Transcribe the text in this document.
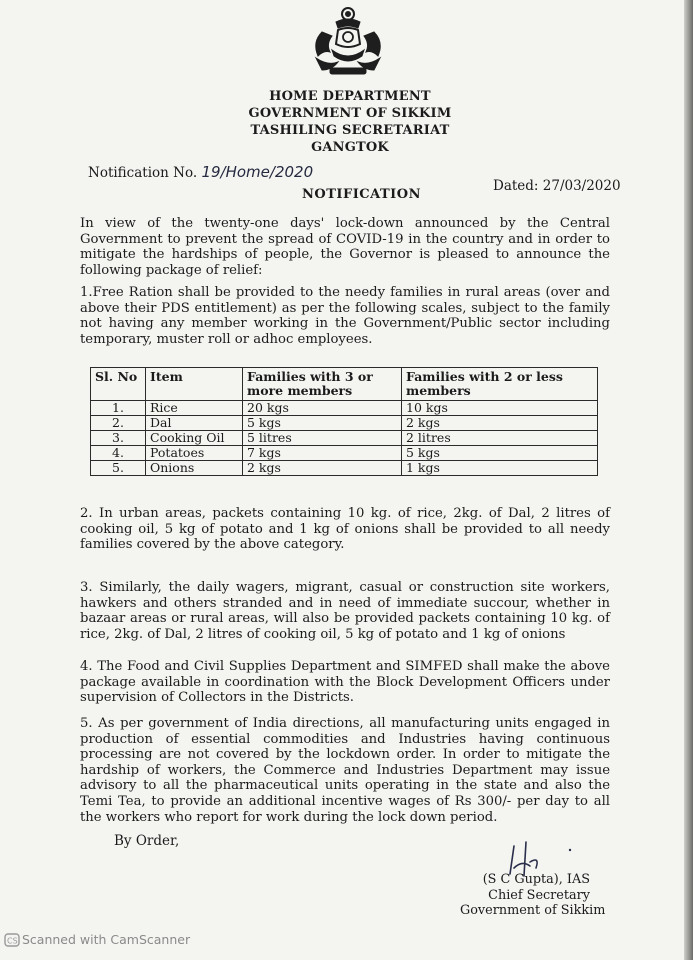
HOME DEPARTMENT
GOVERNMENT OF SIKKIM
TASHILING SECRETARIAT
GANGTOK
Notification No. 19/Home/2020
NOTIFICATION
Dated: 27/03/2020
In view of the twenty-one days' lock-down announced by the Central Government to prevent the spread of COVID-19 in the country and in order to mitigate the hardships of people, the Governor is pleased to announce the following package of relief:
1.Free Ration shall be provided to the needy families in rural areas (over and above their PDS entitlement) as per the following scales, subject to the family not having any member working in the Government/Public sector including temporary, muster roll or adhoc employees.
Sl. No	Item	Families with 3 or more members	Families with 2 or less members
1.	Rice	20 kgs	10 kgs
2.	Dal	5 kgs	2 kgs
3.	Cooking Oil	5 litres	2 litres
4.	Potatoes	7 kgs	5 kgs
5.	Onions	2 kgs	1 kgs
2. In urban areas, packets containing 10 kg. of rice, 2kg. of Dal, 2 litres of cooking oil, 5 kg of potato and 1 kg of onions shall be provided to all needy families covered by the above category.
3. Similarly, the daily wagers, migrant, casual or construction site workers, hawkers and others stranded and in need of immediate succour, whether in bazaar areas or rural areas, will also be provided packets containing 10 kg. of rice, 2kg. of Dal, 2 litres of cooking oil, 5 kg of potato and 1 kg of onions
4. The Food and Civil Supplies Department and SIMFED shall make the above package available in coordination with the Block Development Officers under supervision of Collectors in the Districts.
5. As per government of India directions, all manufacturing units engaged in production of essential commodities and Industries having continuous processing are not covered by the lockdown order. In order to mitigate the hardship of workers, the Commerce and Industries Department may issue advisory to all the pharmaceutical units operating in the state and also the Temi Tea, to provide an additional incentive wages of Rs 300/- per day to all the workers who report for work during the lock down period.
By Order,
(S C Gupta), IAS
Chief Secretary
Government of Sikkim
CS Scanned with CamScanner
